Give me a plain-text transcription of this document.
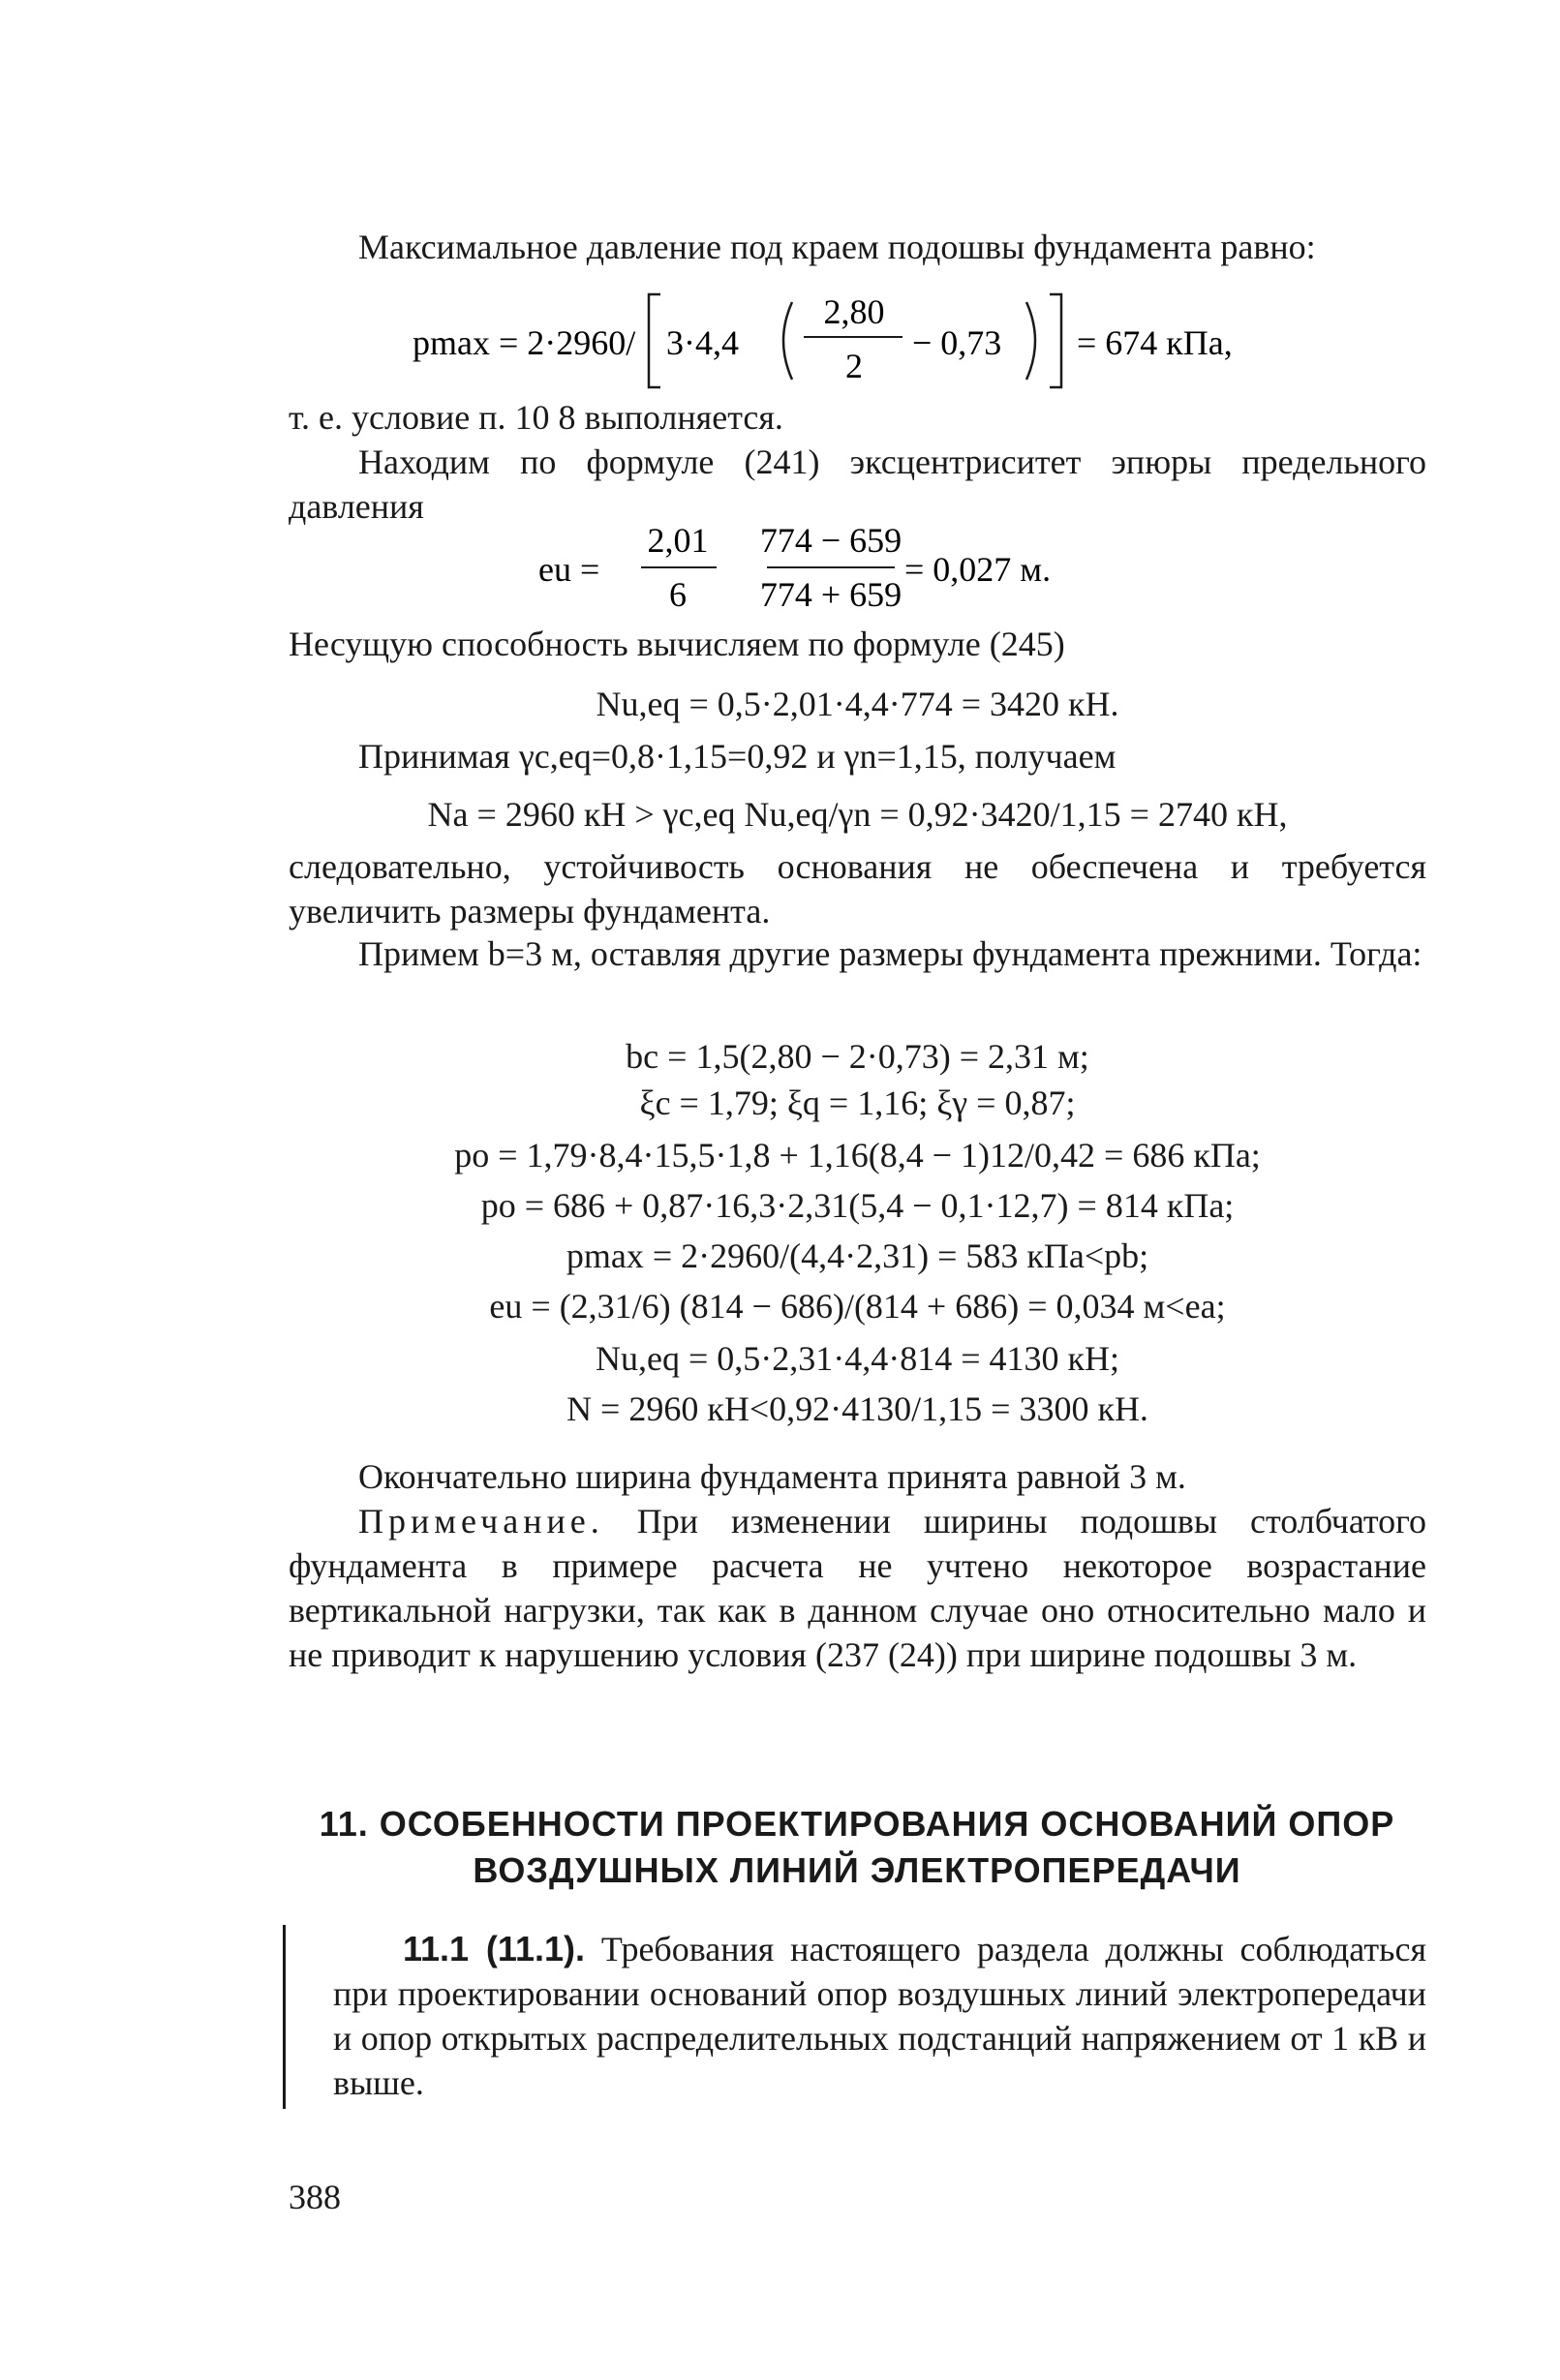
Максимальное давление под краем подошвы фундамента равно:

pmax = 2·2960/ 3·4,4
2,80
2
− 0,73 = 674 кПа,

т. е. условие п. 10 8 выполняется.

Находим по формуле (241) эксцентриситет эпюры предельного давления

eu =
2,01
6
774 − 659
774 + 659
= 0,027 м.

Несущую способность вычисляем по формуле (245)

Nu,eq = 0,5·2,01·4,4·774 = 3420 кН.

Принимая γc,eq=0,8·1,15=0,92 и γn=1,15, получаем

Na = 2960 кН > γc,eq Nu,eq/γn = 0,92·3420/1,15 = 2740 кН,

следовательно, устойчивость основания не обеспечена и требуется увеличить размеры фундамента.

Примем b=3 м, оставляя другие размеры фундамента прежними. Тогда:

bc = 1,5(2,80 − 2·0,73) = 2,31 м;
ξc = 1,79; ξq = 1,16; ξγ = 0,87;
po = 1,79·8,4·15,5·1,8 + 1,16(8,4 − 1)12/0,42 = 686 кПа;
po = 686 + 0,87·16,3·2,31(5,4 − 0,1·12,7) = 814 кПа;
pmax = 2·2960/(4,4·2,31) = 583 кПа<pb;
eu = (2,31/6) (814 − 686)/(814 + 686) = 0,034 м<ea;
Nu,eq = 0,5·2,31·4,4·814 = 4130 кН;
N = 2960 кН<0,92·4130/1,15 = 3300 кН.

Окончательно ширина фундамента принята равной 3 м.

Примечание. При изменении ширины подошвы столбчатого фундамента в примере расчета не учтено некоторое возрастание вертикальной нагрузки, так как в данном случае оно относительно мало и не приводит к нарушению условия (237 (24)) при ширине подошвы 3 м.

11. ОСОБЕННОСТИ ПРОЕКТИРОВАНИЯ ОСНОВАНИЙ ОПОР
ВОЗДУШНЫХ ЛИНИЙ ЭЛЕКТРОПЕРЕДАЧИ

11.1 (11.1). Требования настоящего раздела должны соблюдаться при проектировании оснований опор воздушных линий электропередачи и опор открытых распределительных подстанций напряжением от 1 кВ и выше.

388
